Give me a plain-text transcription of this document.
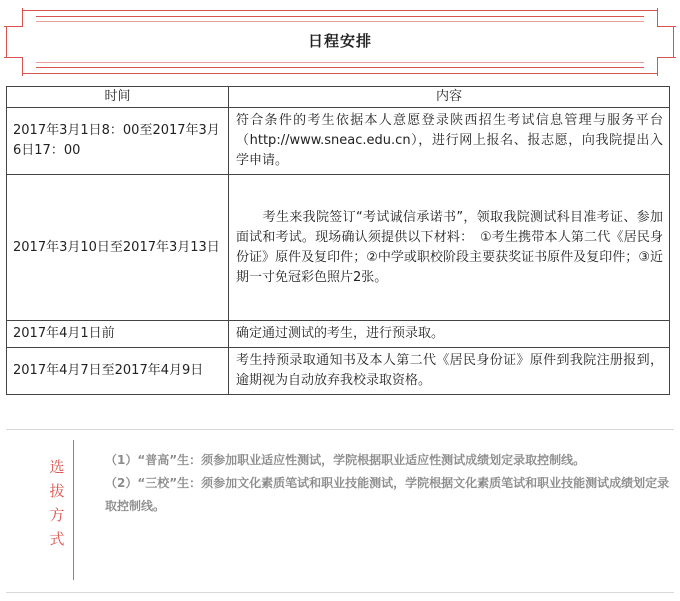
日程安排
时间	内容
2017年3月1日8：00至2017年3月6日17：00	符合条件的考生依据本人意愿登录陕西招生考试信息管理与服务平台（http://www.sneac.edu.cn），进行网上报名、报志愿，向我院提出入学申请。
2017年3月10日至2017年3月13日	　　考生来我院签订“考试诚信承诺书”，领取我院测试科目准考证、参加面试和考试。现场确认须提供以下材料：　①考生携带本人第二代《居民身份证》原件及复印件；②中学或职校阶段主要获奖证书原件及复印件；③近期一寸免冠彩色照片2张。
2017年4月1日前	确定通过测试的考生，进行预录取。
2017年4月7日至2017年4月9日	考生持预录取通知书及本人第二代《居民身份证》原件到我院注册报到，逾期视为自动放弃我校录取资格。
选
拔
方
式
（1）“普高”生：须参加职业适应性测试，学院根据职业适应性测试成绩划定录取控制线。
（2）“三校”生：须参加文化素质笔试和职业技能测试，学院根据文化素质笔试和职业技能测试成绩划定录取控制线。
